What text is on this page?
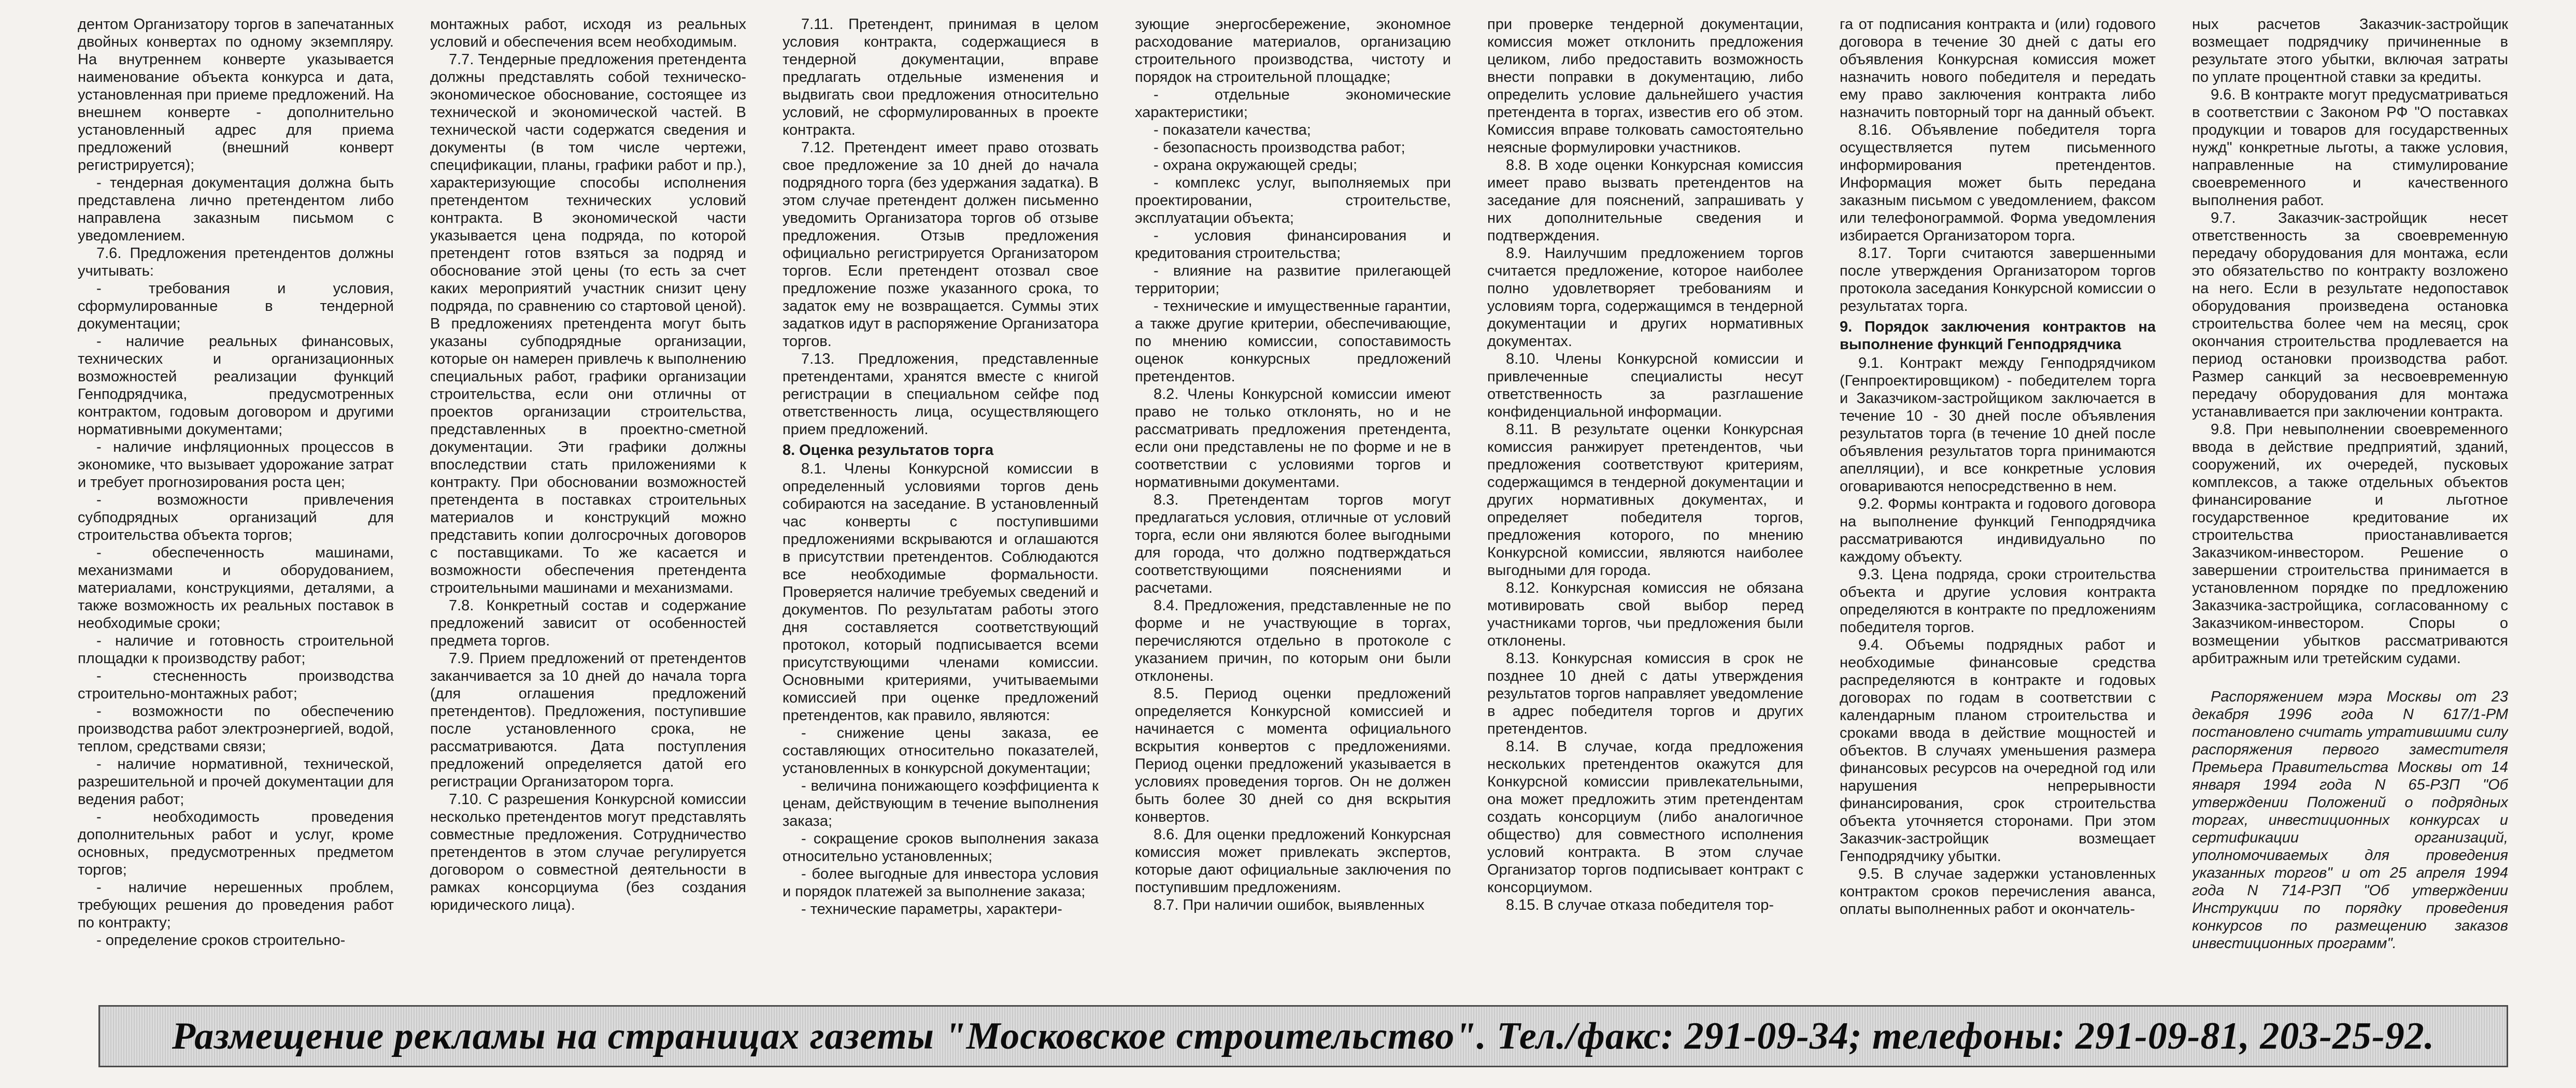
дентом Организатору торгов в запечатанных двойных конвертах по одному экземпляру. На внутреннем конверте указывается наименование объекта конкурса и дата, установленная при приеме предложений. На внешнем конверте - дополнительно установленный адрес для приема предложений (внешний конверт регистрируется);

- тендерная документация должна быть представлена лично претендентом либо направлена заказным письмом с уведомлением.

7.6. Предложения претендентов должны учитывать:

- требования и условия, сформулированные в тендерной документации;

- наличие реальных финансовых, технических и организационных возможностей реализации функций Генподрядчика, предусмотренных контрактом, годовым договором и другими нормативными документами;

- наличие инфляционных процессов в экономике, что вызывает удорожание затрат и требует прогнозирования роста цен;

- возможности привлечения субподрядных организаций для строительства объекта торгов;

- обеспеченность машинами, механизмами и оборудованием, материалами, конструкциями, деталями, а также возможность их реальных поставок в необходимые сроки;

- наличие и готовность строительной площадки к производству работ;

- стесненность производства строительно-монтажных работ;

- возможности по обеспечению производства работ электроэнергией, водой, теплом, средствами связи;

- наличие нормативной, технической, разрешительной и прочей документации для ведения работ;

- необходимость проведения дополнительных работ и услуг, кроме основных, предусмотренных предметом торгов;

- наличие нерешенных проблем, требующих решения до проведения работ по контракту;

- определение сроков строительно-

монтажных работ, исходя из реальных условий и обеспечения всем необходимым.

7.7. Тендерные предложения претендента должны представлять собой техническо-экономическое обоснование, состоящее из технической и экономической частей. В технической части содержатся сведения и документы (в том числе чертежи, спецификации, планы, графики работ и пр.), характеризующие способы исполнения претендентом технических условий контракта. В экономической части указывается цена подряда, по которой претендент готов взяться за подряд и обоснование этой цены (то есть за счет каких мероприятий участник снизит цену подряда, по сравнению со стартовой ценой). В предложениях претендента могут быть указаны субподрядные организации, которые он намерен привлечь к выполнению специальных работ, графики организации строительства, если они отличны от проектов организации строительства, представленных в проектно-сметной документации. Эти графики должны впоследствии стать приложениями к контракту. При обосновании возможностей претендента в поставках строительных материалов и конструкций можно представить копии долгосрочных договоров с поставщиками. То же касается и возможности обеспечения претендента строительными машинами и механизмами.

7.8. Конкретный состав и содержание предложений зависит от особенностей предмета торгов.

7.9. Прием предложений от претендентов заканчивается за 10 дней до начала торга (для оглашения предложений претендентов). Предложения, поступившие после установленного срока, не рассматриваются. Дата поступления предложений определяется датой его регистрации Организатором торга.

7.10. С разрешения Конкурсной комиссии несколько претендентов могут представлять совместные предложения. Сотрудничество претендентов в этом случае регулируется договором о совместной деятельности в рамках консорциума (без создания юридического лица).

7.11. Претендент, принимая в целом условия контракта, содержащиеся в тендерной документации, вправе предлагать отдельные изменения и выдвигать свои предложения относительно условий, не сформулированных в проекте контракта.

7.12. Претендент имеет право отозвать свое предложение за 10 дней до начала подрядного торга (без удержания задатка). В этом случае претендент должен письменно уведомить Организатора торгов об отзыве предложения. Отзыв предложения официально регистрируется Организатором торгов. Если претендент отозвал свое предложение позже указанного срока, то задаток ему не возвращается. Суммы этих задатков идут в распоряжение Организатора торгов.

7.13. Предложения, представленные претендентами, хранятся вместе с книгой регистрации в специальном сейфе под ответственность лица, осуществляющего прием предложений.

8. Оценка результатов торга

8.1. Члены Конкурсной комиссии в определенный условиями торгов день собираются на заседание. В установленный час конверты с поступившими предложениями вскрываются и оглашаются в присутствии претендентов. Соблюдаются все необходимые формальности. Проверяется наличие требуемых сведений и документов. По результатам работы этого дня составляется соответствующий протокол, который подписывается всеми присутствующими членами комиссии. Основными критериями, учитываемыми комиссией при оценке предложений претендентов, как правило, являются:

- снижение цены заказа, ее составляющих относительно показателей, установленных в конкурсной документации;

- величина понижающего коэффициента к ценам, действующим в течение выполнения заказа;

- сокращение сроков выполнения заказа относительно установленных;

- более выгодные для инвестора условия и порядок платежей за выполнение заказа;

- технические параметры, характери-

зующие энергосбережение, экономное расходование материалов, организацию строительного производства, чистоту и порядок на строительной площадке;

- отдельные экономические характеристики;

- показатели качества;

- безопасность производства работ;

- охрана окружающей среды;

- комплекс услуг, выполняемых при проектировании, строительстве, эксплуатации объекта;

- условия финансирования и кредитования строительства;

- влияние на развитие прилегающей территории;

- технические и имущественные гарантии, а также другие критерии, обеспечивающие, по мнению комиссии, сопоставимость оценок конкурсных предложений претендентов.

8.2. Члены Конкурсной комиссии имеют право не только отклонять, но и не рассматривать предложения претендента, если они представлены не по форме и не в соответствии с условиями торгов и нормативными документами.

8.3. Претендентам торгов могут предлагаться условия, отличные от условий торга, если они являются более выгодными для города, что должно подтверждаться соответствующими пояснениями и расчетами.

8.4. Предложения, представленные не по форме и не участвующие в торгах, перечисляются отдельно в протоколе с указанием причин, по которым они были отклонены.

8.5. Период оценки предложений определяется Конкурсной комиссией и начинается с момента официального вскрытия конвертов с предложениями. Период оценки предложений указывается в условиях проведения торгов. Он не должен быть более 30 дней со дня вскрытия конвертов.

8.6. Для оценки предложений Конкурсная комиссия может привлекать экспертов, которые дают официальные заключения по поступившим предложениям.

8.7. При наличии ошибок, выявленных

при проверке тендерной документации, комиссия может отклонить предложения целиком, либо предоставить возможность внести поправки в документацию, либо определить условие дальнейшего участия претендента в торгах, известив его об этом. Комиссия вправе толковать самостоятельно неясные формулировки участников.

8.8. В ходе оценки Конкурсная комиссия имеет право вызвать претендентов на заседание для пояснений, запрашивать у них дополнительные сведения и подтверждения.

8.9. Наилучшим предложением торгов считается предложение, которое наиболее полно удовлетворяет требованиям и условиям торга, содержащимся в тендерной документации и других нормативных документах.

8.10. Члены Конкурсной комиссии и привлеченные специалисты несут ответственность за разглашение конфиденциальной информации.

8.11. В результате оценки Конкурсная комиссия ранжирует претендентов, чьи предложения соответствуют критериям, содержащимся в тендерной документации и других нормативных документах, и определяет победителя торгов, предложения которого, по мнению Конкурсной комиссии, являются наиболее выгодными для города.

8.12. Конкурсная комиссия не обязана мотивировать свой выбор перед участниками торгов, чьи предложения были отклонены.

8.13. Конкурсная комиссия в срок не позднее 10 дней с даты утверждения результатов торгов направляет уведомление в адрес победителя торгов и других претендентов.

8.14. В случае, когда предложения нескольких претендентов окажутся для Конкурсной комиссии привлекательными, она может предложить этим претендентам создать консорциум (либо аналогичное общество) для совместного исполнения условий контракта. В этом случае Организатор торгов подписывает контракт с консорциумом.

8.15. В случае отказа победителя тор-

га от подписания контракта и (или) годового договора в течение 30 дней с даты его объявления Конкурсная комиссия может назначить нового победителя и передать ему право заключения контракта либо назначить повторный торг на данный объект.

8.16. Объявление победителя торга осуществляется путем письменного информирования претендентов. Информация может быть передана заказным письмом с уведомлением, факсом или телефонограммой. Форма уведомления избирается Организатором торга.

8.17. Торги считаются завершенными после утверждения Организатором торгов протокола заседания Конкурсной комиссии о результатах торга.

9. Порядок заключения контрактов на выполнение функций Генподрядчика

9.1. Контракт между Генподрядчиком (Генпроектировщиком) - победителем торга и Заказчиком-застройщиком заключается в течение 10 - 30 дней после объявления результатов торга (в течение 10 дней после объявления результатов торга принимаются апелляции), и все конкретные условия оговариваются непосредственно в нем.

9.2. Формы контракта и годового договора на выполнение функций Генподрядчика рассматриваются индивидуально по каждому объекту.

9.3. Цена подряда, сроки строительства объекта и другие условия контракта определяются в контракте по предложениям победителя торгов.

9.4. Объемы подрядных работ и необходимые финансовые средства распределяются в контракте и годовых договорах по годам в соответствии с календарным планом строительства и сроками ввода в действие мощностей и объектов. В случаях уменьшения размера финансовых ресурсов на очередной год или нарушения непрерывности финансирования, срок строительства объекта уточняется сторонами. При этом Заказчик-застройщик возмещает Генподрядчику убытки.

9.5. В случае задержки установленных контрактом сроков перечисления аванса, оплаты выполненных работ и окончатель-

ных расчетов Заказчик-застройщик возмещает подрядчику причиненные в результате этого убытки, включая затраты по уплате процентной ставки за кредиты.

9.6. В контракте могут предусматриваться в соответствии с Законом РФ "О поставках продукции и товаров для государственных нужд" конкретные льготы, а также условия, направленные на стимулирование своевременного и качественного выполнения работ.

9.7. Заказчик-застройщик несет ответственность за своевременную передачу оборудования для монтажа, если это обязательство по контракту возложено на него. Если в результате недопоставок оборудования произведена остановка строительства более чем на месяц, срок окончания строительства продлевается на период остановки производства работ. Размер санкций за несвоевременную передачу оборудования для монтажа устанавливается при заключении контракта.

9.8. При невыполнении своевременного ввода в действие предприятий, зданий, сооружений, их очередей, пусковых комплексов, а также отдельных объектов финансирование и льготное государственное кредитование их строительства приостанавливается Заказчиком-инвестором. Решение о завершении строительства принимается в установленном порядке по предложению Заказчика-застройщика, согласованному с Заказчиком-инвестором. Споры о возмещении убытков рассматриваются арбитражным или третейским судами.

Распоряжением мэра Москвы от 23 декабря 1996 года N 617/1-РМ постановлено считать утратившими силу распоряжения первого заместителя Премьера Правительства Москвы от 14 января 1994 года N 65-РЗП "Об утверждении Положений о подрядных торгах, инвестиционных конкурсах и сертификации организаций, уполномочиваемых для проведения указанных торгов" и от 25 апреля 1994 года N 714-РЗП "Об утверждении Инструкции по порядку проведения конкурсов по размещению заказов инвестиционных программ".

Размещение рекламы на страницах газеты "Московское строительство". Тел./факс: 291-09-34; телефоны: 291-09-81, 203-25-92.
